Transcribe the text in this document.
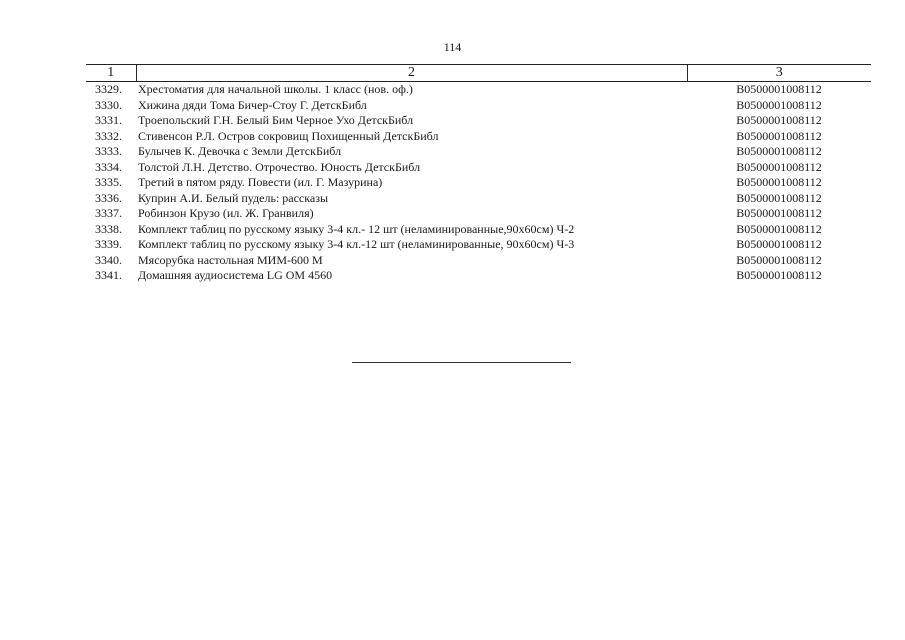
114
1	2	3
3329.	Хрестоматия для начальной школы. 1 класс (нов. оф.)	B0500001008112
3330.	Хижина дяди Тома Бичер-Стоу Г. ДетскБибл	B0500001008112
3331.	Троепольский Г.Н. Белый Бим Черное Ухо ДетскБибл	B0500001008112
3332.	Стивенсон Р.Л. Остров сокровищ Похищенный ДетскБибл	B0500001008112
3333.	Булычев К. Девочка с Земли ДетскБибл	B0500001008112
3334.	Толстой Л.Н. Детство. Отрочество. Юность ДетскБибл	B0500001008112
3335.	Третий в пятом ряду. Повести (ил. Г. Мазурина)	B0500001008112
3336.	Куприн А.И. Белый пудель: рассказы	B0500001008112
3337.	Робинзон Крузо (ил. Ж. Гранвиля)	B0500001008112
3338.	Комплект таблиц по русскому языку 3-4 кл.- 12 шт (неламинированные,90х60см) Ч-2	B0500001008112
3339.	Комплект таблиц по русскому языку 3-4 кл.-12 шт (неламинированные, 90х60см) Ч-3	B0500001008112
3340.	Мясорубка настольная МИМ-600 М	B0500001008112
3341.	Домашняя аудиосистема LG OM 4560	B0500001008112
